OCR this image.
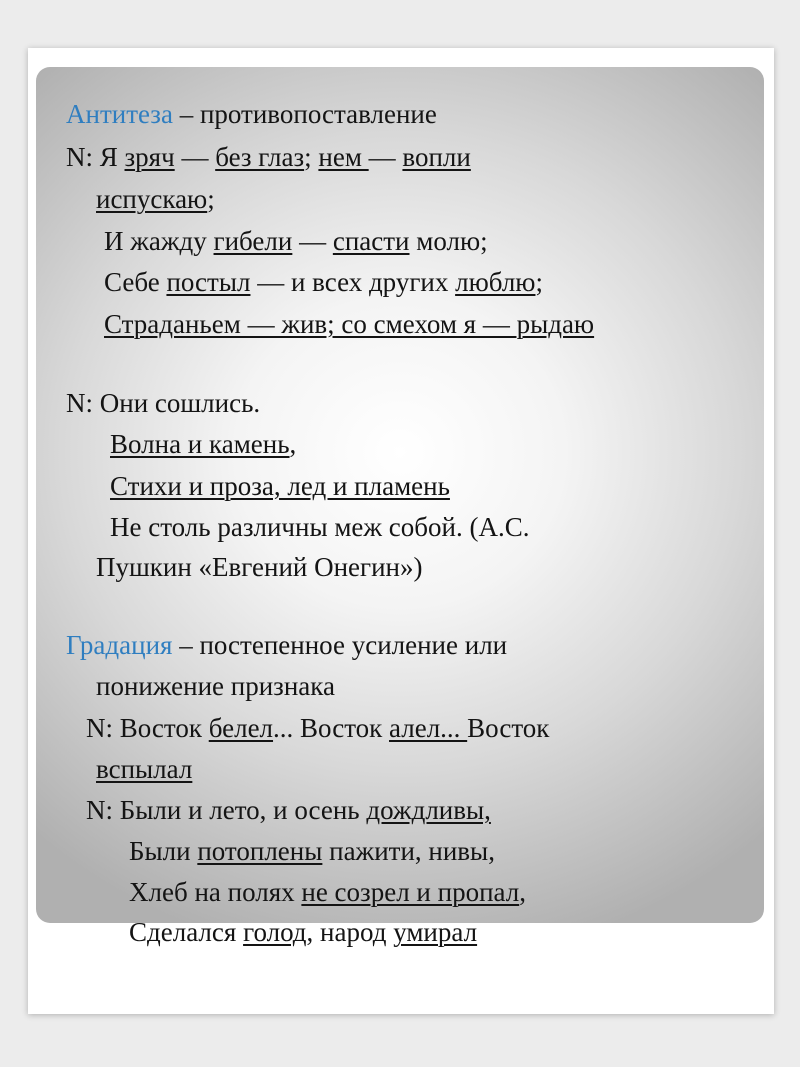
Антитеза – противопоставление
N: Я зряч — без глаз; нем — вопли
испускаю;
И жажду гибели — спасти молю;
Себе постыл — и всех других люблю;
Страданьем — жив; со смехом я — рыдаю
N: Они сошлись.
Волна и камень,
Стихи и проза, лед и пламень
Не столь различны меж собой. (А.С.
Пушкин «Евгений Онегин»)
Градация – постепенное усиление или
понижение признака
N: Восток белел... Восток алел... Восток
вспылал
N: Были и лето, и осень дождливы,
Были потоплены пажити, нивы,
Хлеб на полях не созрел и пропал,
Сделался голод, народ умирал
